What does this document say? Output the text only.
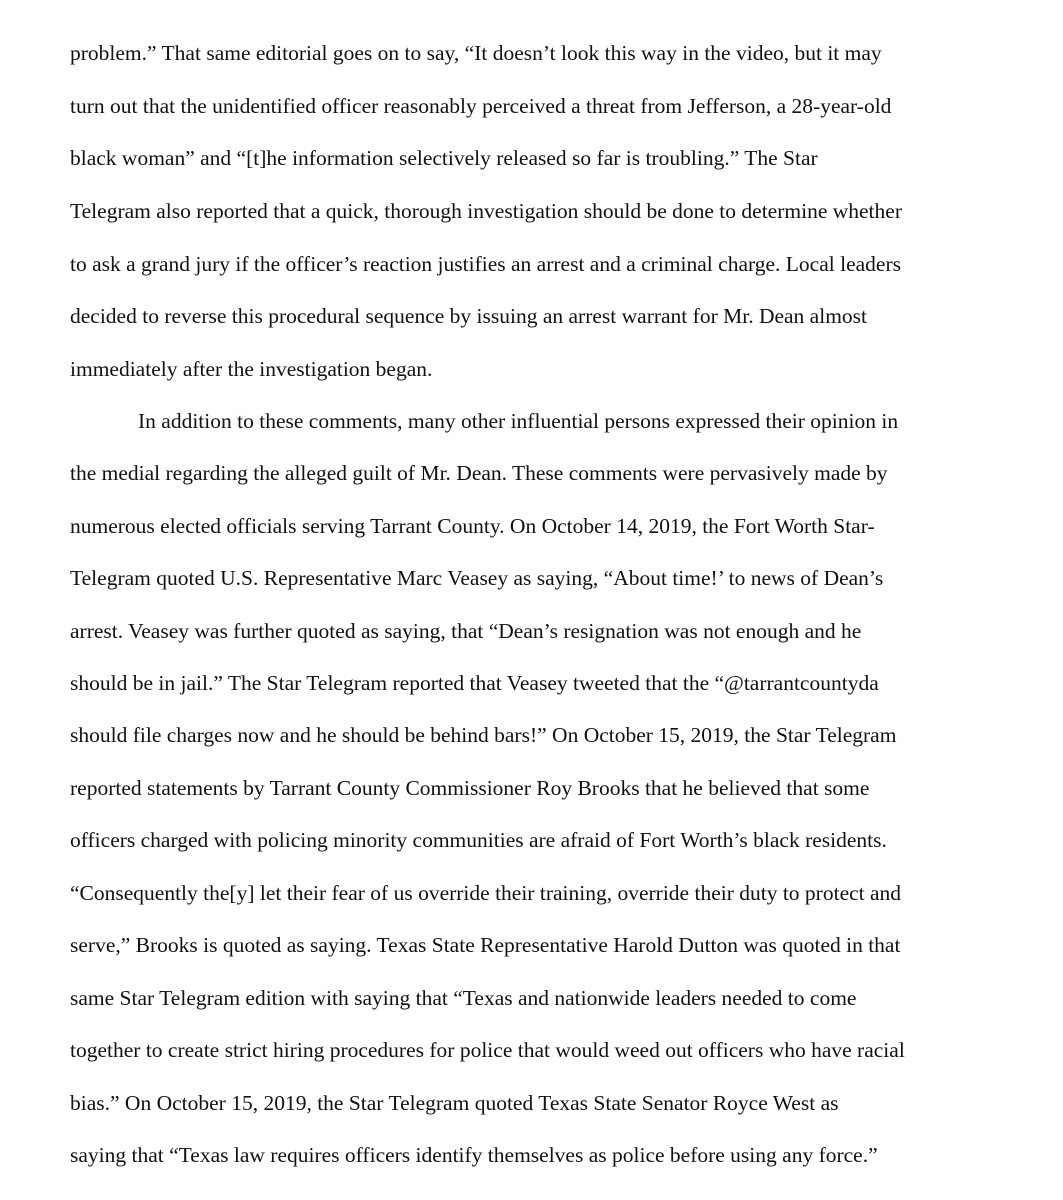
problem.” That same editorial goes on to say, “It doesn’t look this way in the video, but it may
turn out that the unidentified officer reasonably perceived a threat from Jefferson, a 28-year-old
black woman” and “[t]he information selectively released so far is troubling.” The Star
Telegram also reported that a quick, thorough investigation should be done to determine whether
to ask a grand jury if the officer’s reaction justifies an arrest and a criminal charge. Local leaders
decided to reverse this procedural sequence by issuing an arrest warrant for Mr. Dean almost
immediately after the investigation began.
In addition to these comments, many other influential persons expressed their opinion in
the medial regarding the alleged guilt of Mr. Dean. These comments were pervasively made by
numerous elected officials serving Tarrant County. On October 14, 2019, the Fort Worth Star-
Telegram quoted U.S. Representative Marc Veasey as saying, “About time!’ to news of Dean’s
arrest. Veasey was further quoted as saying, that “Dean’s resignation was not enough and he
should be in jail.” The Star Telegram reported that Veasey tweeted that the “@tarrantcountyda
should file charges now and he should be behind bars!” On October 15, 2019, the Star Telegram
reported statements by Tarrant County Commissioner Roy Brooks that he believed that some
officers charged with policing minority communities are afraid of Fort Worth’s black residents.
“Consequently the[y] let their fear of us override their training, override their duty to protect and
serve,” Brooks is quoted as saying. Texas State Representative Harold Dutton was quoted in that
same Star Telegram edition with saying that “Texas and nationwide leaders needed to come
together to create strict hiring procedures for police that would weed out officers who have racial
bias.” On October 15, 2019, the Star Telegram quoted Texas State Senator Royce West as
saying that “Texas law requires officers identify themselves as police before using any force.”
